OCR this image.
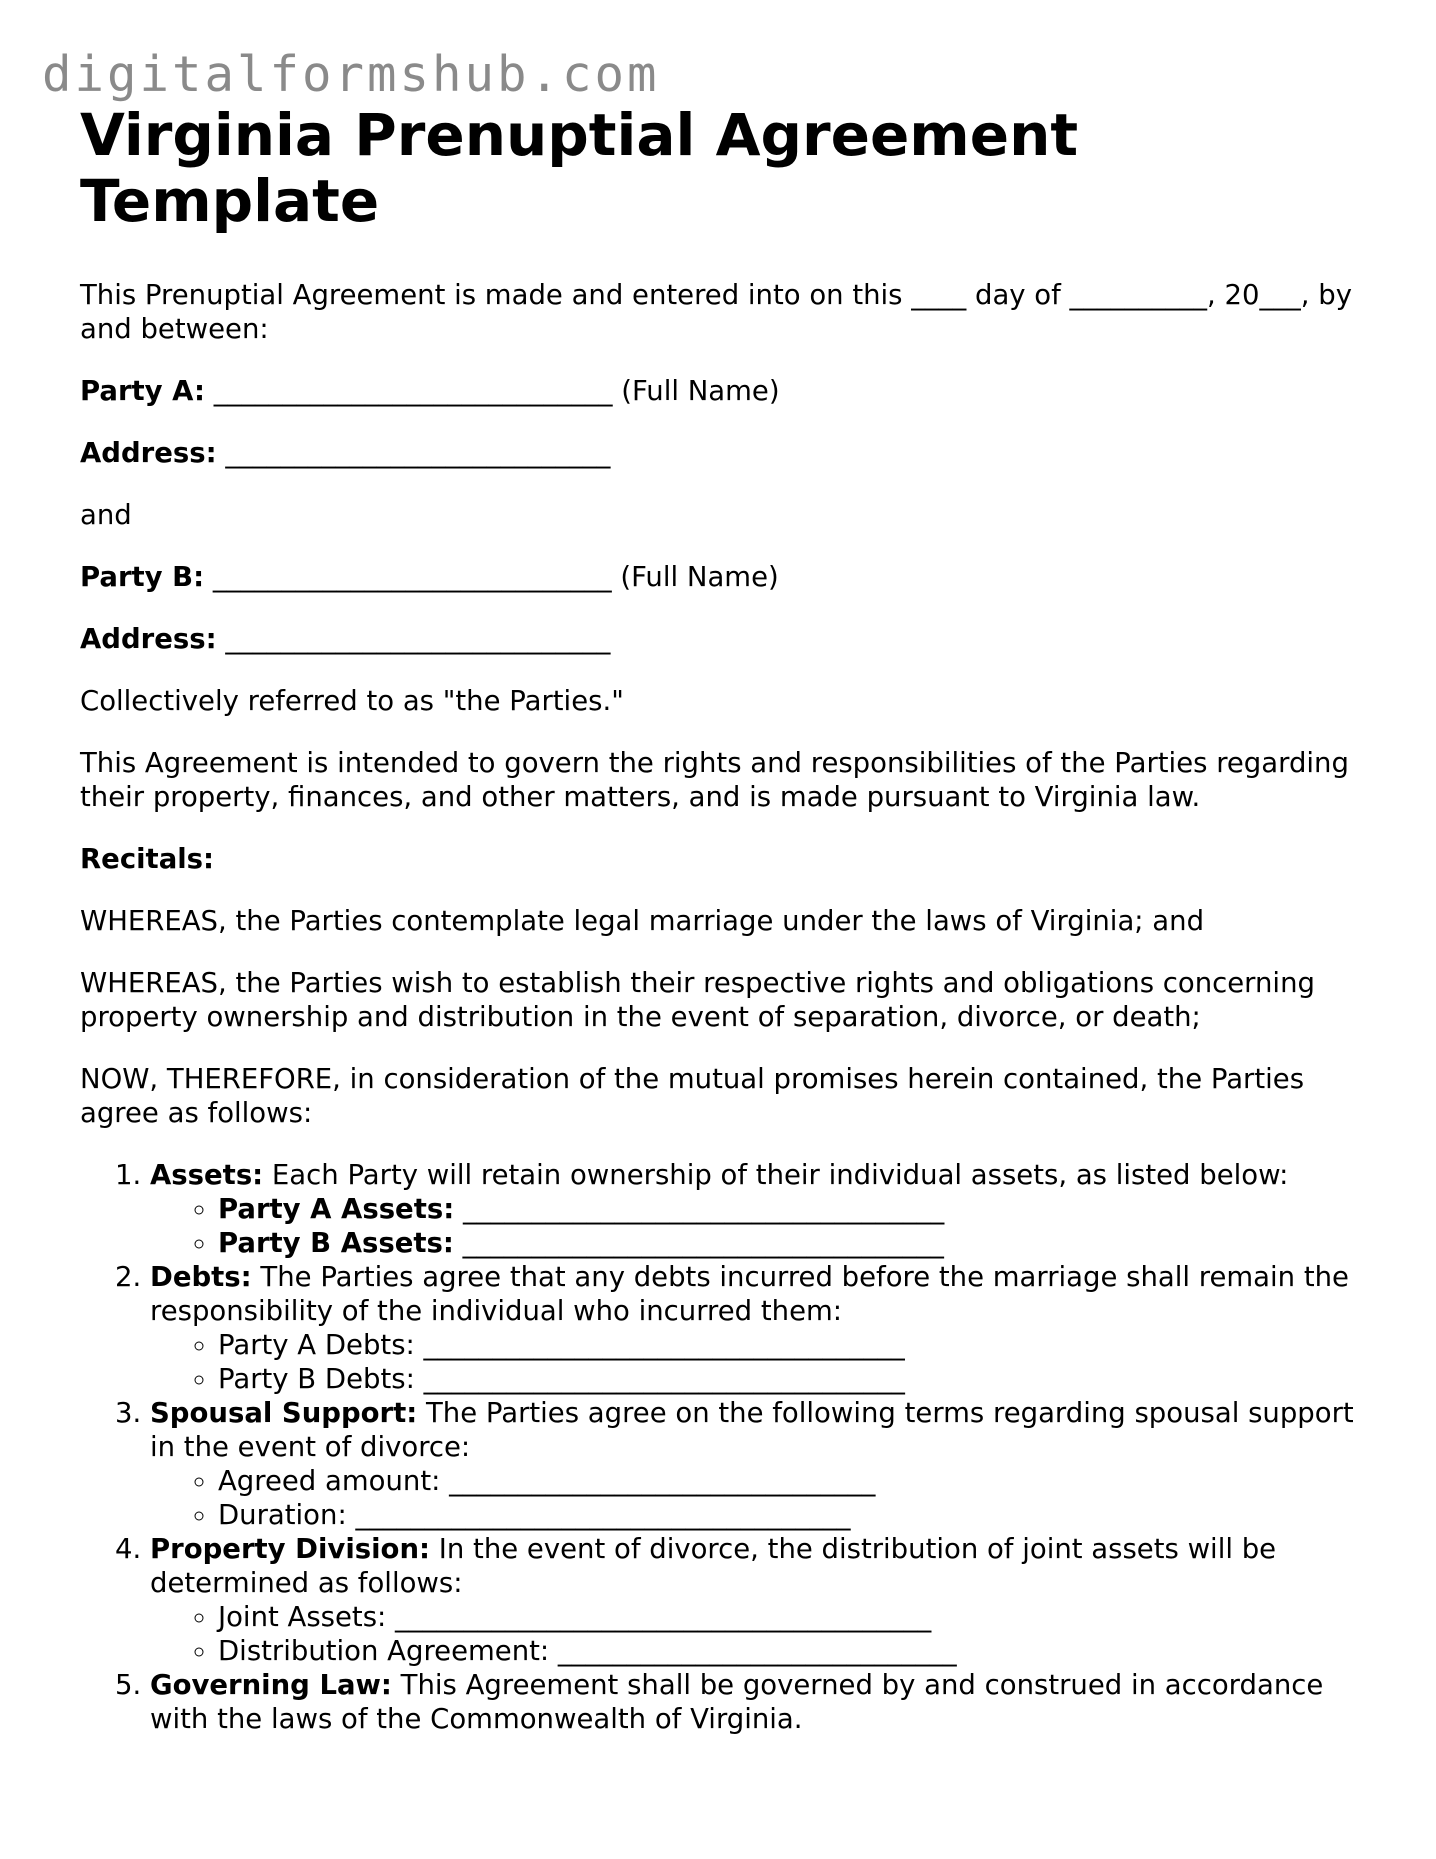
digitalformshub.com
Virginia Prenuptial Agreement
Template

This Prenuptial Agreement is made and entered into on this ____ day of __________, 20___, by and between:

Party A: _____________________________ (Full Name)

Address: ____________________________

and

Party B: _____________________________ (Full Name)

Address: ____________________________

Collectively referred to as "the Parties."

This Agreement is intended to govern the rights and responsibilities of the Parties regarding their property, finances, and other matters, and is made pursuant to Virginia law.

Recitals:

WHEREAS, the Parties contemplate legal marriage under the laws of Virginia; and

WHEREAS, the Parties wish to establish their respective rights and obligations concerning property ownership and distribution in the event of separation, divorce, or death;

NOW, THEREFORE, in consideration of the mutual promises herein contained, the Parties agree as follows:

1. Assets: Each Party will retain ownership of their individual assets, as listed below:
◦ Party A Assets: ___________________________________
◦ Party B Assets: ___________________________________
2. Debts: The Parties agree that any debts incurred before the marriage shall remain the responsibility of the individual who incurred them:
◦ Party A Debts: ___________________________________
◦ Party B Debts: ___________________________________
3. Spousal Support: The Parties agree on the following terms regarding spousal support in the event of divorce:
◦ Agreed amount: _______________________________
◦ Duration: ____________________________________
4. Property Division: In the event of divorce, the distribution of joint assets will be determined as follows:
◦ Joint Assets: _______________________________________
◦ Distribution Agreement: _____________________________
5. Governing Law: This Agreement shall be governed by and construed in accordance with the laws of the Commonwealth of Virginia.
